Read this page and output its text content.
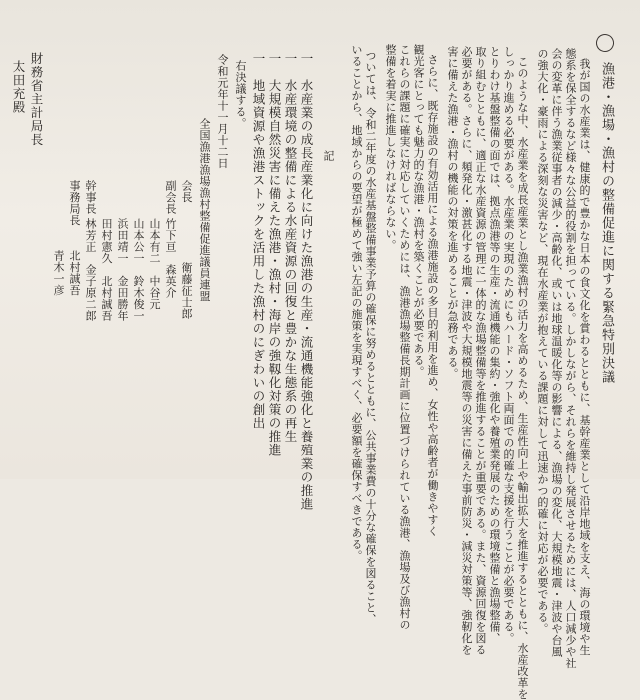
漁港・漁場・漁村の整備促進に関する緊急特別決議
我が国の水産業は、健康的で豊かな日本の食文化を賞わるとともに、基幹産業として沿岸地域を支え、海の環境や生
態系を保全するなど様々な公益的役割を担っている。しかしながら、それらを維持し発展させるためには、人口減少や社
会の変革に伴う漁業従事者の減少・高齢化、或いは地球温暖化等の影響による、漁場の変化、大規模地震・津波や台風
の強大化・豪雨による深刻な災害など、現在水産業が抱えている課題に対して迅速かつ的確に対応が必要である。
このような中、水産業を成長産業とし漁業漁村の活力を高めるため、生産性向上や輸出拡大を推進するとともに、水産改革を
しっかり進める必要がある。水産業の実現のためにもハード・ソフト両面での的確な支援を行うことが必要である。
とりわけ基盤整備の面では、拠点漁港等の生産・流通機能の集約・強化や養殖業発展のための環境整備と漁場整備、
取り組むとともに、適正な水産資源の管理に一体的な漁場整備等を推進することが重要である。また、資源回復を図る
必要がある。さらに、頻発化・激甚化する地震・津波や大規模地震等の災害に備えた事前防災・減災対策等、強靭化を
害に備えた漁港・漁村の機能の対策を進めることが急務である。
さらに、既存施設の有効活用による漁港施設の多目的利用を進め、女性や高齢者が働きやすく
観光客にとっても魅力的な漁港・漁村を築くことが必要である。
これらの課題に確実に対応していくためには、漁港漁場整備長期計画に位置づけられている漁港、漁場及び漁村の
整備を着実に推進しなければならない。
ついては、令和二年度の水産基盤整備事業予算の確保に努めるとともに、公共事業費の十分な確保を図ること、
いることから、地域からの要望が極めて強い左記の施策を実現すべく、必要額を確保すべきである。
記
一　水産業の成長産業化に向けた漁港の生産・流通機能強化と養殖業の推進
一　水産環境の整備による水産資源の回復と豊かな生態系の再生
一　大規模自然災害に備えた漁港・漁村・海岸の強靱化対策の推進
一　地域資源や漁港ストックを活用した漁村のにぎわいの創出
右決議する。
令和元年十一月十二日
全国漁港漁場漁村整備促進議員連盟
会長
衛藤征士郎
副会長
竹下亘　森英介
山本有二　中谷元
山本公一　鈴木俊一
浜田靖一　金田勝年
田村憲久　北村誠吾
幹事長
林芳正　金子原二郎
事務局長
北村誠吾
青木一彦
財務省主計局長
太田充殿
